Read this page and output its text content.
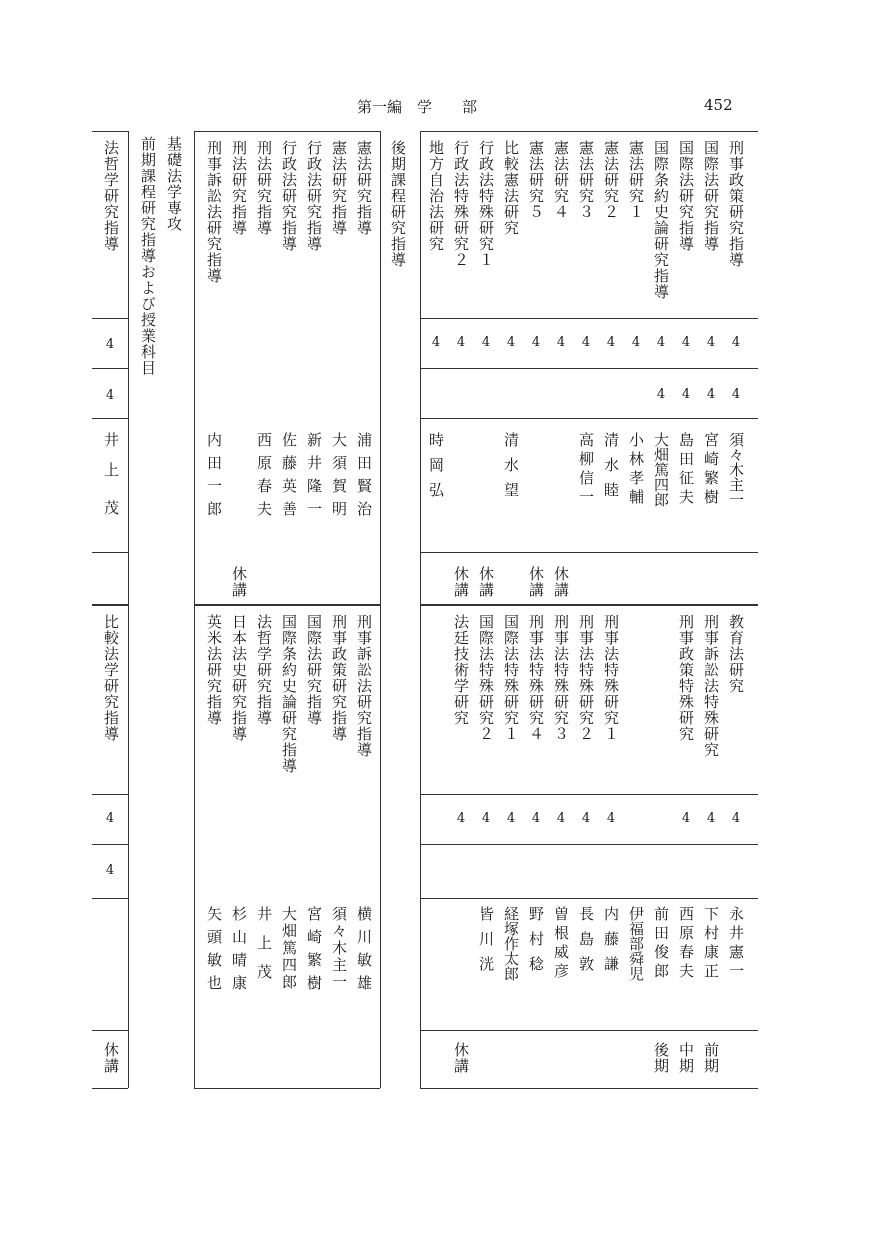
第一編　学　　部	452
基礎法学専攻
前期課程研究指導および授業科目
法哲学研究指導
4
4
井
上
茂
比較法学研究指導
4
4
休講
憲法研究指導
憲法研究指導
行政法研究指導
行政法研究指導
刑法研究指導
刑法研究指導
刑事訴訟法研究指導
浦田賢治
大須賀明
新井隆一
佐藤英善
西原春夫
内田一郎
休講
後期課程研究指導	刑事政策研究指導
4
4
須々木主一
国際法研究指導
4
4
宮崎繁樹
国際法研究指導
4
4
島田征夫
国際条約史論研究指導
4
4
大畑篤四郎
憲法研究１
4
小林孝輔
憲法研究２
4
清水睦
憲法研究３
4
高柳信一
憲法研究４
4
休講
憲法研究５
4
休講
比較憲法研究
4
清水望
行政法特殊研究１
4
休講
行政法特殊研究２
4
休講
地方自治法研究
4
時岡弘
刑事訴訟法研究指導
刑事政策研究指導
国際法研究指導
国際条約史論研究指導
法哲学研究指導
日本法史研究指導
英米法研究指導
横川敏雄
須々木主一
宮崎繁樹
大畑篤四郎
井上茂
杉山晴康
矢頭敏也
教育法研究
4
永井憲一
刑事訴訟法特殊研究
4
下村康正
前期
刑事政策特殊研究
4
西原春夫
中期
前田俊郎
後期
伊福部舜児
刑事法特殊研究１
4
内藤謙
刑事法特殊研究２
4
長島敦
刑事法特殊研究３
4
曽根威彦
刑事法特殊研究４
4
野村稔
国際法特殊研究１
4
経塚作太郎
国際法特殊研究２
4
皆川洸
法廷技術学研究
4
休講
